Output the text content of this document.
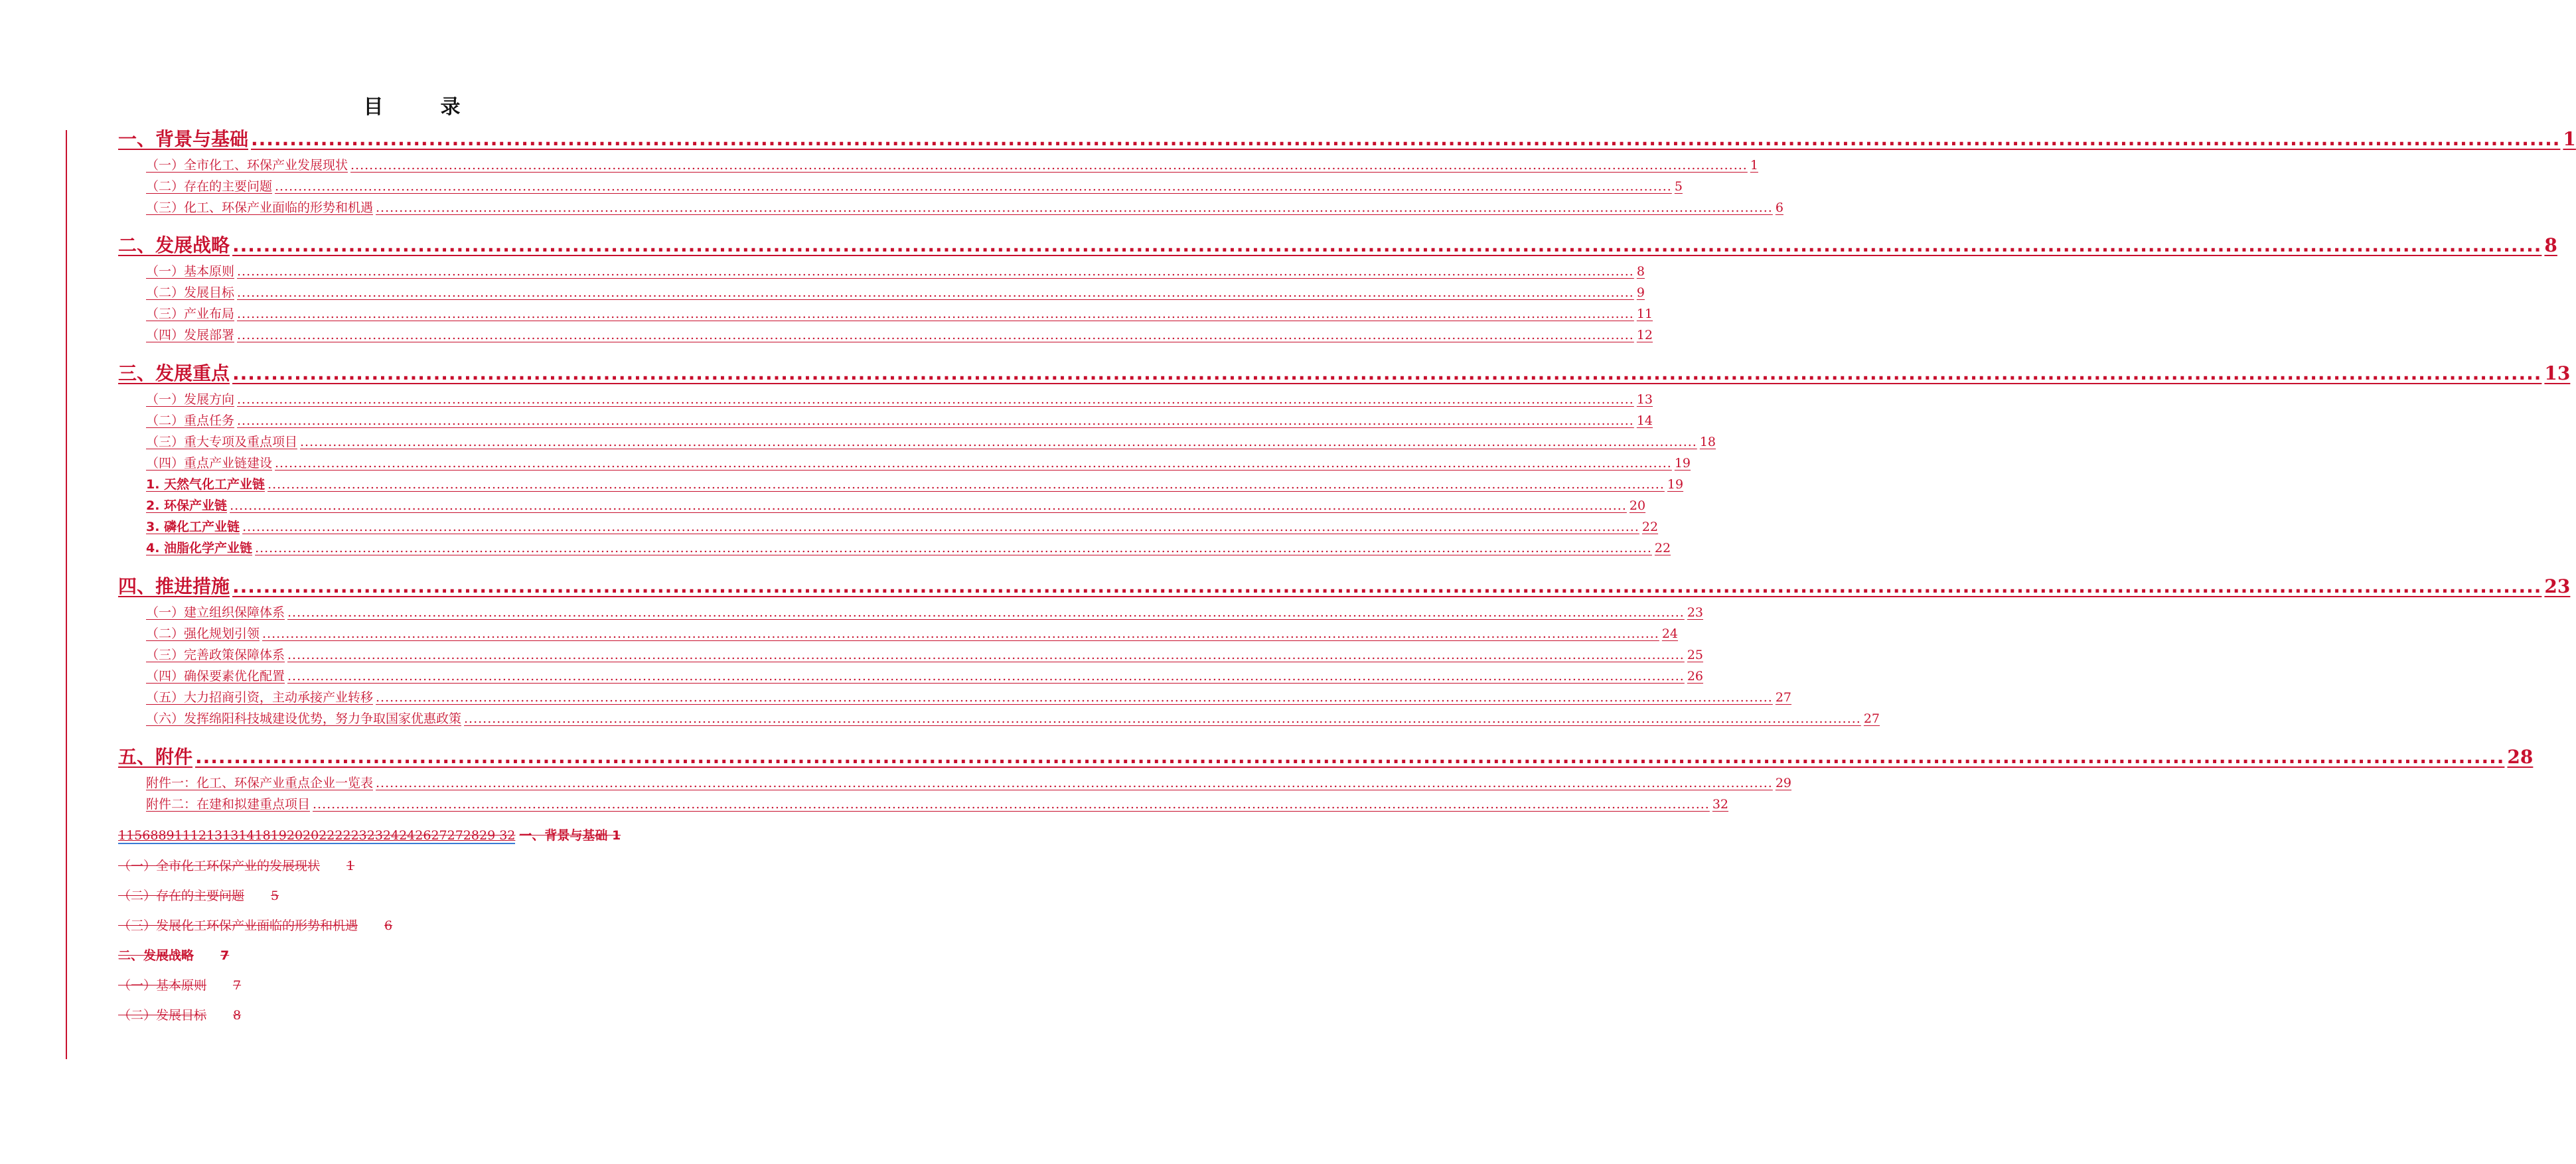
目　录
一、背景与基础 ........................................................................................................................................................................................................................................................................................................... 1
（一）全市化工、环保产业发展现状 ........................................................................................................................................................................................................................................................................................................... 1
（二）存在的主要问题 ........................................................................................................................................................................................................................................................................................................... 5
（三）化工、环保产业面临的形势和机遇 ........................................................................................................................................................................................................................................................................................................... 6
二、发展战略 ........................................................................................................................................................................................................................................................................................................... 8
（一）基本原则 ........................................................................................................................................................................................................................................................................................................... 8
（二）发展目标 ........................................................................................................................................................................................................................................................................................................... 9
（三）产业布局 ........................................................................................................................................................................................................................................................................................................... 11
（四）发展部署 ........................................................................................................................................................................................................................................................................................................... 12
三、发展重点 ........................................................................................................................................................................................................................................................................................................... 13
（一）发展方向 ........................................................................................................................................................................................................................................................................................................... 13
（二）重点任务 ........................................................................................................................................................................................................................................................................................................... 14
（三）重大专项及重点项目 ........................................................................................................................................................................................................................................................................................................... 18
（四）重点产业链建设 ........................................................................................................................................................................................................................................................................................................... 19
1. 天然气化工产业链 ........................................................................................................................................................................................................................................................................................................... 19
2. 环保产业链 ........................................................................................................................................................................................................................................................................................................... 20
3. 磷化工产业链 ........................................................................................................................................................................................................................................................................................................... 22
4. 油脂化学产业链 ........................................................................................................................................................................................................................................................................................................... 22
四、推进措施 ........................................................................................................................................................................................................................................................................................................... 23
（一）建立组织保障体系 ........................................................................................................................................................................................................................................................................................................... 23
（二）强化规划引领 ........................................................................................................................................................................................................................................................................................................... 24
（三）完善政策保障体系 ........................................................................................................................................................................................................................................................................................................... 25
（四）确保要素优化配置 ........................................................................................................................................................................................................................................................................................................... 26
（五）大力招商引资，主动承接产业转移 ........................................................................................................................................................................................................................................................................................................... 27
（六）发挥绵阳科技城建设优势，努力争取国家优惠政策 ........................................................................................................................................................................................................................................................................................................... 27
五、附件 ........................................................................................................................................................................................................................................................................................................... 28
附件一：化工、环保产业重点企业一览表 ........................................................................................................................................................................................................................................................................................................... 29
附件二：在建和拟建重点项目 ........................................................................................................................................................................................................................................................................................................... 32
11568891112131314181920202222232324242627272829 32 一、背景与基础 1
（一）全市化工环保产业的发展现状 1
（二）存在的主要问题 5
（三）发展化工环保产业面临的形势和机遇 6
二、发展战略 7
（一）基本原则 7
（二）发展目标 8
